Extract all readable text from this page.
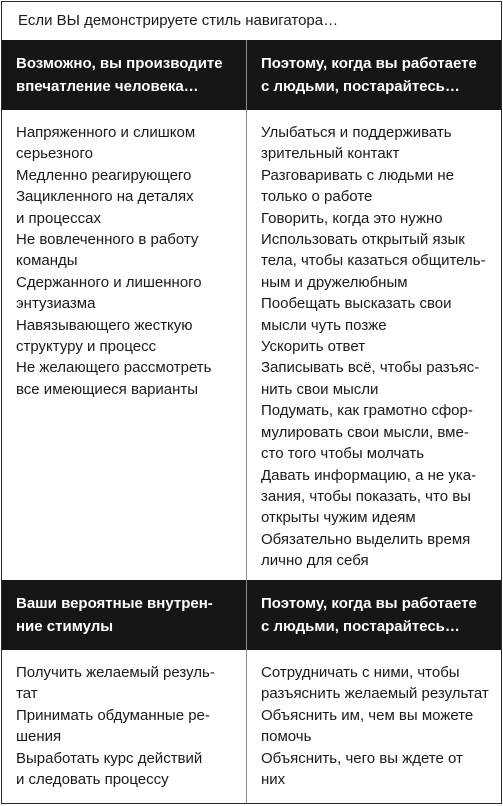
Если ВЫ демонстрируете стиль навигатора…
Возможно, вы производите
впечатление человека…
Поэтому, когда вы работаете
с людьми, постарайтесь…
Напряженного и слишком
серьезного
Медленно реагирующего
Зацикленного на деталях
и процессах
Не вовлеченного в работу
команды
Сдержанного и лишенного
энтузиазма
Навязывающего жесткую
структуру и процесс
Не желающего рассмотреть
все имеющиеся варианты
Улыбаться и поддерживать
зрительный контакт
Разговаривать с людьми не
только о работе
Говорить, когда это нужно
Использовать открытый язык
тела, чтобы казаться общитель-
ным и дружелюбным
Пообещать высказать свои
мысли чуть позже
Ускорить ответ
Записывать всё, чтобы разъяс-
нить свои мысли
Подумать, как грамотно сфор-
мулировать свои мысли, вме-
сто того чтобы молчать
Давать информацию, а не ука-
зания, чтобы показать, что вы
открыты чужим идеям
Обязательно выделить время
лично для себя
Ваши вероятные внутрен-
ние стимулы
Поэтому, когда вы работаете
с людьми, постарайтесь…
Получить желаемый резуль-
тат
Принимать обдуманные ре-
шения
Выработать курс действий
и следовать процессу
Сотрудничать с ними, чтобы
разъяснить желаемый результат
Объяснить им, чем вы можете
помочь
Объяснить, чего вы ждете от
них
